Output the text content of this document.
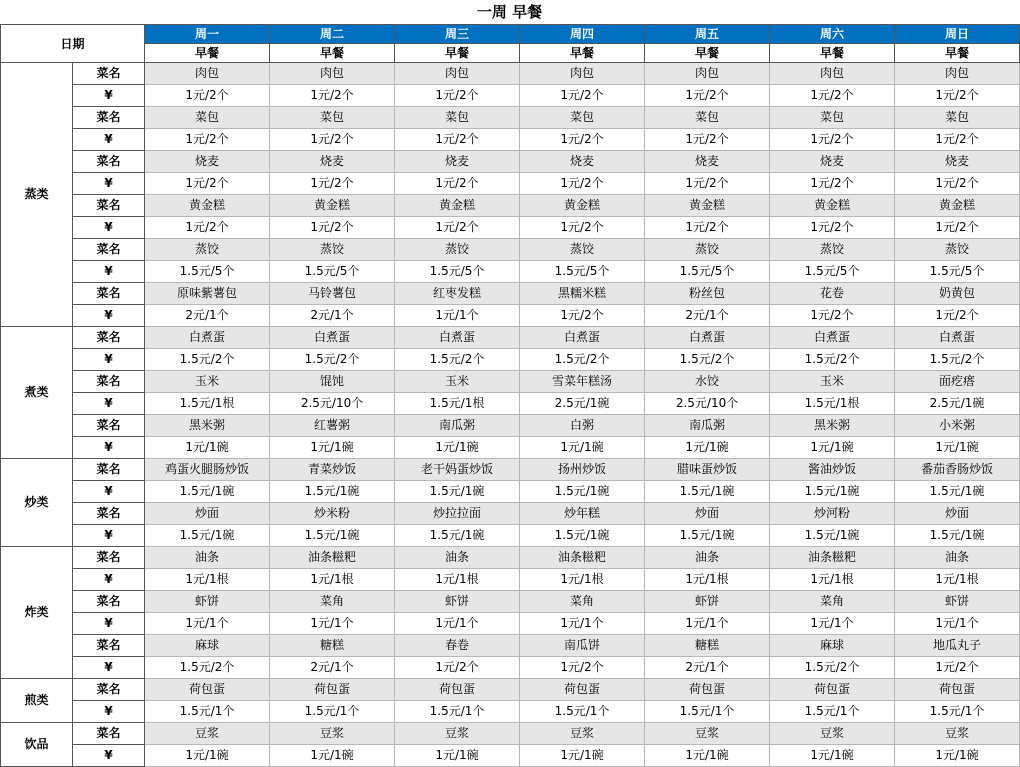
一周 早餐
日期		周一	周二	周三	周四	周五	周六	周日
		早餐	早餐	早餐	早餐	早餐	早餐	早餐
蒸类	菜名	肉包	肉包	肉包	肉包	肉包	肉包	肉包
	¥	1元/2个	1元/2个	1元/2个	1元/2个	1元/2个	1元/2个	1元/2个
	菜名	菜包	菜包	菜包	菜包	菜包	菜包	菜包
	¥	1元/2个	1元/2个	1元/2个	1元/2个	1元/2个	1元/2个	1元/2个
	菜名	烧麦	烧麦	烧麦	烧麦	烧麦	烧麦	烧麦
	¥	1元/2个	1元/2个	1元/2个	1元/2个	1元/2个	1元/2个	1元/2个
	菜名	黄金糕	黄金糕	黄金糕	黄金糕	黄金糕	黄金糕	黄金糕
	¥	1元/2个	1元/2个	1元/2个	1元/2个	1元/2个	1元/2个	1元/2个
	菜名	蒸饺	蒸饺	蒸饺	蒸饺	蒸饺	蒸饺	蒸饺
	¥	1.5元/5个	1.5元/5个	1.5元/5个	1.5元/5个	1.5元/5个	1.5元/5个	1.5元/5个
	菜名	原味紫薯包	马铃薯包	红枣发糕	黑糯米糕	粉丝包	花卷	奶黄包
	¥	2元/1个	2元/1个	1元/1个	1元/2个	2元/1个	1元/2个	1元/2个
煮类	菜名	白煮蛋	白煮蛋	白煮蛋	白煮蛋	白煮蛋	白煮蛋	白煮蛋
	¥	1.5元/2个	1.5元/2个	1.5元/2个	1.5元/2个	1.5元/2个	1.5元/2个	1.5元/2个
	菜名	玉米	馄饨	玉米	雪菜年糕汤	水饺	玉米	面疙瘩
	¥	1.5元/1根	2.5元/10个	1.5元/1根	2.5元/1碗	2.5元/10个	1.5元/1根	2.5元/1碗
	菜名	黑米粥	红薯粥	南瓜粥	白粥	南瓜粥	黑米粥	小米粥
	¥	1元/1碗	1元/1碗	1元/1碗	1元/1碗	1元/1碗	1元/1碗	1元/1碗
炒类	菜名	鸡蛋火腿肠炒饭	青菜炒饭	老干妈蛋炒饭	扬州炒饭	腊味蛋炒饭	酱油炒饭	番茄香肠炒饭
	¥	1.5元/1碗	1.5元/1碗	1.5元/1碗	1.5元/1碗	1.5元/1碗	1.5元/1碗	1.5元/1碗
	菜名	炒面	炒米粉	炒拉拉面	炒年糕	炒面	炒河粉	炒面
	¥	1.5元/1碗	1.5元/1碗	1.5元/1碗	1.5元/1碗	1.5元/1碗	1.5元/1碗	1.5元/1碗
炸类	菜名	油条	油条糍粑	油条	油条糍粑	油条	油条糍粑	油条
	¥	1元/1根	1元/1根	1元/1根	1元/1根	1元/1根	1元/1根	1元/1根
	菜名	虾饼	菜角	虾饼	菜角	虾饼	菜角	虾饼
	¥	1元/1个	1元/1个	1元/1个	1元/1个	1元/1个	1元/1个	1元/1个
	菜名	麻球	糖糕	春卷	南瓜饼	糖糕	麻球	地瓜丸子
	¥	1.5元/2个	2元/1个	1元/2个	1元/2个	2元/1个	1.5元/2个	1元/2个
煎类	菜名	荷包蛋	荷包蛋	荷包蛋	荷包蛋	荷包蛋	荷包蛋	荷包蛋
	¥	1.5元/1个	1.5元/1个	1.5元/1个	1.5元/1个	1.5元/1个	1.5元/1个	1.5元/1个
饮品	菜名	豆浆	豆浆	豆浆	豆浆	豆浆	豆浆	豆浆
	¥	1元/1碗	1元/1碗	1元/1碗	1元/1碗	1元/1碗	1元/1碗	1元/1碗
